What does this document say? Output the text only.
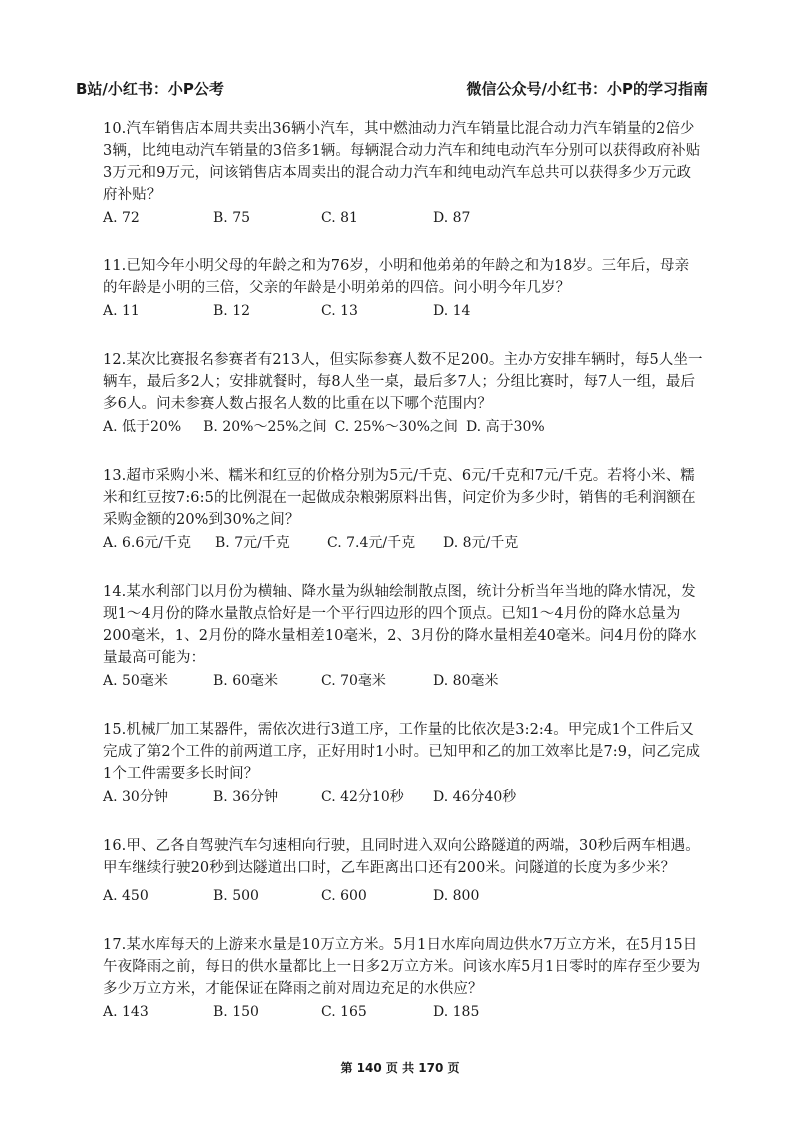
B站/小红书：小P公考	微信公众号/小红书：小P的学习指南

10.汽车销售店本周共卖出36辆小汽车，其中燃油动力汽车销量比混合动力汽车销量的2倍少3辆，比纯电动汽车销量的3倍多1辆。每辆混合动力汽车和纯电动汽车分别可以获得政府补贴3万元和9万元，问该销售店本周卖出的混合动力汽车和纯电动汽车总共可以获得多少万元政府补贴？

A. 72	B. 75	C. 81	D. 87

11.已知今年小明父母的年龄之和为76岁，小明和他弟弟的年龄之和为18岁。三年后，母亲的年龄是小明的三倍，父亲的年龄是小明弟弟的四倍。问小明今年几岁？

A. 11	B. 12	C. 13	D. 14

12.某次比赛报名参赛者有213人，但实际参赛人数不足200。主办方安排车辆时，每5人坐一辆车，最后多2人；安排就餐时，每8人坐一桌，最后多7人；分组比赛时，每7人一组，最后多6人。问未参赛人数占报名人数的比重在以下哪个范围内？

A. 低于20% B. 20%～25%之间 C. 25%～30%之间 D. 高于30%

13.超市采购小米、糯米和红豆的价格分别为5元/千克、6元/千克和7元/千克。若将小米、糯米和红豆按7:6:5的比例混在一起做成杂粮粥原料出售，问定价为多少时，销售的毛利润额在采购金额的20%到30%之间？

A. 6.6元/千克	B. 7元/千克	C. 7.4元/千克	D. 8元/千克

14.某水利部门以月份为横轴、降水量为纵轴绘制散点图，统计分析当年当地的降水情况，发现1～4月份的降水量散点恰好是一个平行四边形的四个顶点。已知1～4月份的降水总量为200毫米，1、2月份的降水量相差10毫米，2、3月份的降水量相差40毫米。问4月份的降水量最高可能为：

A. 50毫米	B. 60毫米	C. 70毫米	D. 80毫米

15.机械厂加工某器件，需依次进行3道工序，工作量的比依次是3:2:4。甲完成1个工件后又完成了第2个工件的前两道工序，正好用时1小时。已知甲和乙的加工效率比是7:9，问乙完成1个工件需要多长时间？

A. 30分钟	B. 36分钟	C. 42分10秒	D. 46分40秒

16.甲、乙各自驾驶汽车匀速相向行驶，且同时进入双向公路隧道的两端，30秒后两车相遇。甲车继续行驶20秒到达隧道出口时，乙车距离出口还有200米。问隧道的长度为多少米？

A. 450	B. 500	C. 600	D. 800

17.某水库每天的上游来水量是10万立方米。5月1日水库向周边供水7万立方米，在5月15日午夜降雨之前，每日的供水量都比上一日多2万立方米。问该水库5月1日零时的库存至少要为多少万立方米，才能保证在降雨之前对周边充足的水供应？

A. 143	B. 150	C. 165	D. 185
第 140 页 共 170 页
